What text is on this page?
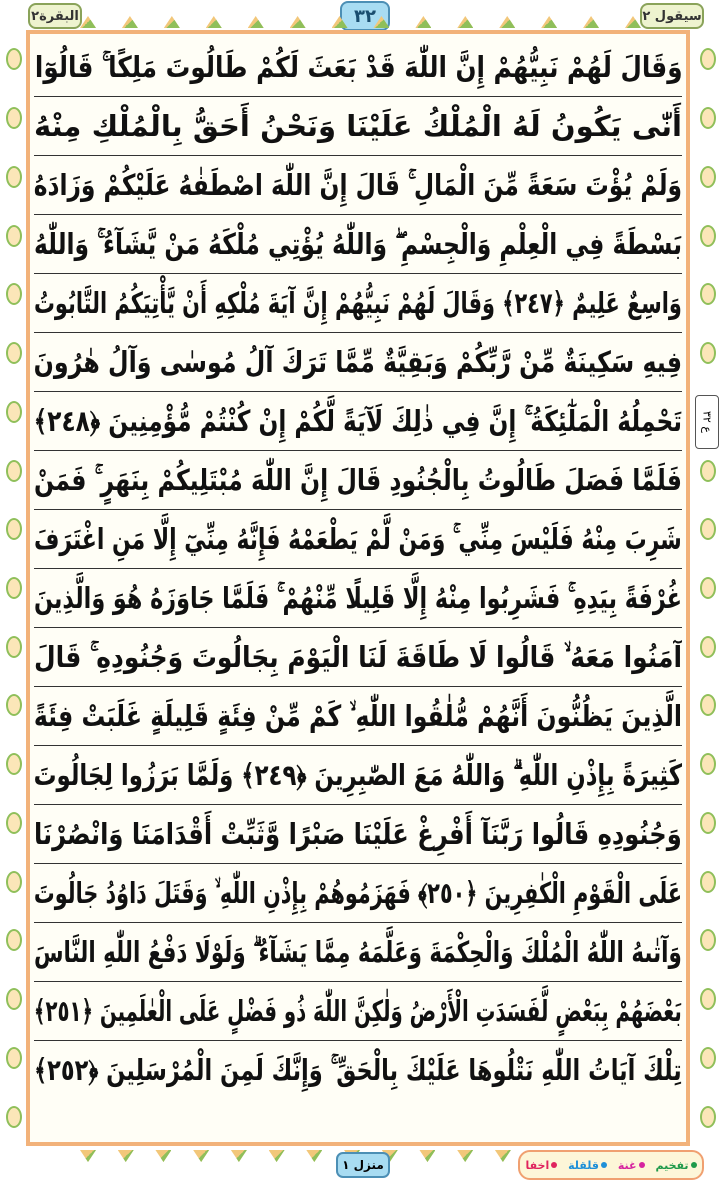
البقرة٢	٣٢	سیقول ۲
وَقَالَ لَهُمْ نَبِيُّهُمْ إِنَّ اللّٰهَ قَدْ بَعَثَ لَكُمْ طَالُوتَ مَلِكًا ۚ قَالُوٓا
أَنّٰى يَكُونُ لَهُ الْمُلْكُ عَلَيْنَا وَنَحْنُ أَحَقُّ بِالْمُلْكِ مِنْهُ
وَلَمْ يُؤْتَ سَعَةً مِّنَ الْمَالِ ۚ قَالَ إِنَّ اللّٰهَ اصْطَفٰهُ عَلَيْكُمْ وَزَادَهُ
بَسْطَةً فِي الْعِلْمِ وَالْجِسْمِ ۖ وَاللّٰهُ يُؤْتِي مُلْكَهُ مَنْ يَّشَآءُ ۚ وَاللّٰهُ
وَاسِعٌ عَلِيمٌ ﴿٢٤٧﴾ وَقَالَ لَهُمْ نَبِيُّهُمْ إِنَّ آيَةَ مُلْكِهِ أَنْ يَّأْتِيَكُمُ التَّابُوتُ
فِيهِ سَكِينَةٌ مِّنْ رَّبِّكُمْ وَبَقِيَّةٌ مِّمَّا تَرَكَ آلُ مُوسٰى وَآلُ هٰرُونَ
تَحْمِلُهُ الْمَلٰٓئِكَةُ ۚ إِنَّ فِي ذٰلِكَ لَآيَةً لَّكُمْ إِنْ كُنْتُمْ مُّؤْمِنِينَ ﴿٢٤٨﴾
فَلَمَّا فَصَلَ طَالُوتُ بِالْجُنُودِ قَالَ إِنَّ اللّٰهَ مُبْتَلِيكُمْ بِنَهَرٍ ۚ فَمَنْ
شَرِبَ مِنْهُ فَلَيْسَ مِنِّي ۚ وَمَنْ لَّمْ يَطْعَمْهُ فَإِنَّهُ مِنِّيٓ إِلَّا مَنِ اغْتَرَفَ
غُرْفَةً بِيَدِهِ ۚ فَشَرِبُوا مِنْهُ إِلَّا قَلِيلًا مِّنْهُمْ ۚ فَلَمَّا جَاوَزَهُ هُوَ وَالَّذِينَ
آمَنُوا مَعَهُ ۙ قَالُوا لَا طَاقَةَ لَنَا الْيَوْمَ بِجَالُوتَ وَجُنُودِهِ ۚ قَالَ
الَّذِينَ يَظُنُّونَ أَنَّهُمْ مُّلٰقُوا اللّٰهِ ۙ كَمْ مِّنْ فِئَةٍ قَلِيلَةٍ غَلَبَتْ فِئَةً
كَثِيرَةً بِإِذْنِ اللّٰهِ ۗ وَاللّٰهُ مَعَ الصّٰبِرِينَ ﴿٢٤٩﴾ وَلَمَّا بَرَزُوا لِجَالُوتَ
وَجُنُودِهِ قَالُوا رَبَّنَآ أَفْرِغْ عَلَيْنَا صَبْرًا وَّثَبِّتْ أَقْدَامَنَا وَانْصُرْنَا
عَلَى الْقَوْمِ الْكٰفِرِينَ ﴿٢٥٠﴾ فَهَزَمُوهُمْ بِإِذْنِ اللّٰهِ ۙ وَقَتَلَ دَاوُدُ جَالُوتَ
وَآتٰىهُ اللّٰهُ الْمُلْكَ وَالْحِكْمَةَ وَعَلَّمَهُ مِمَّا يَشَآءُ ۗ وَلَوْلَا دَفْعُ اللّٰهِ النَّاسَ
بَعْضَهُمْ بِبَعْضٍ لَّفَسَدَتِ الْأَرْضُ وَلٰكِنَّ اللّٰهَ ذُو فَضْلٍ عَلَى الْعٰلَمِينَ ﴿٢٥١﴾
تِلْكَ آيَاتُ اللّٰهِ نَتْلُوهَا عَلَيْكَ بِالْحَقِّ ۚ وَإِنَّكَ لَمِنَ الْمُرْسَلِينَ ﴿٢٥٢﴾
ع ٣٢
منزل ١	اخفا قلقلة غنة تفخیم
